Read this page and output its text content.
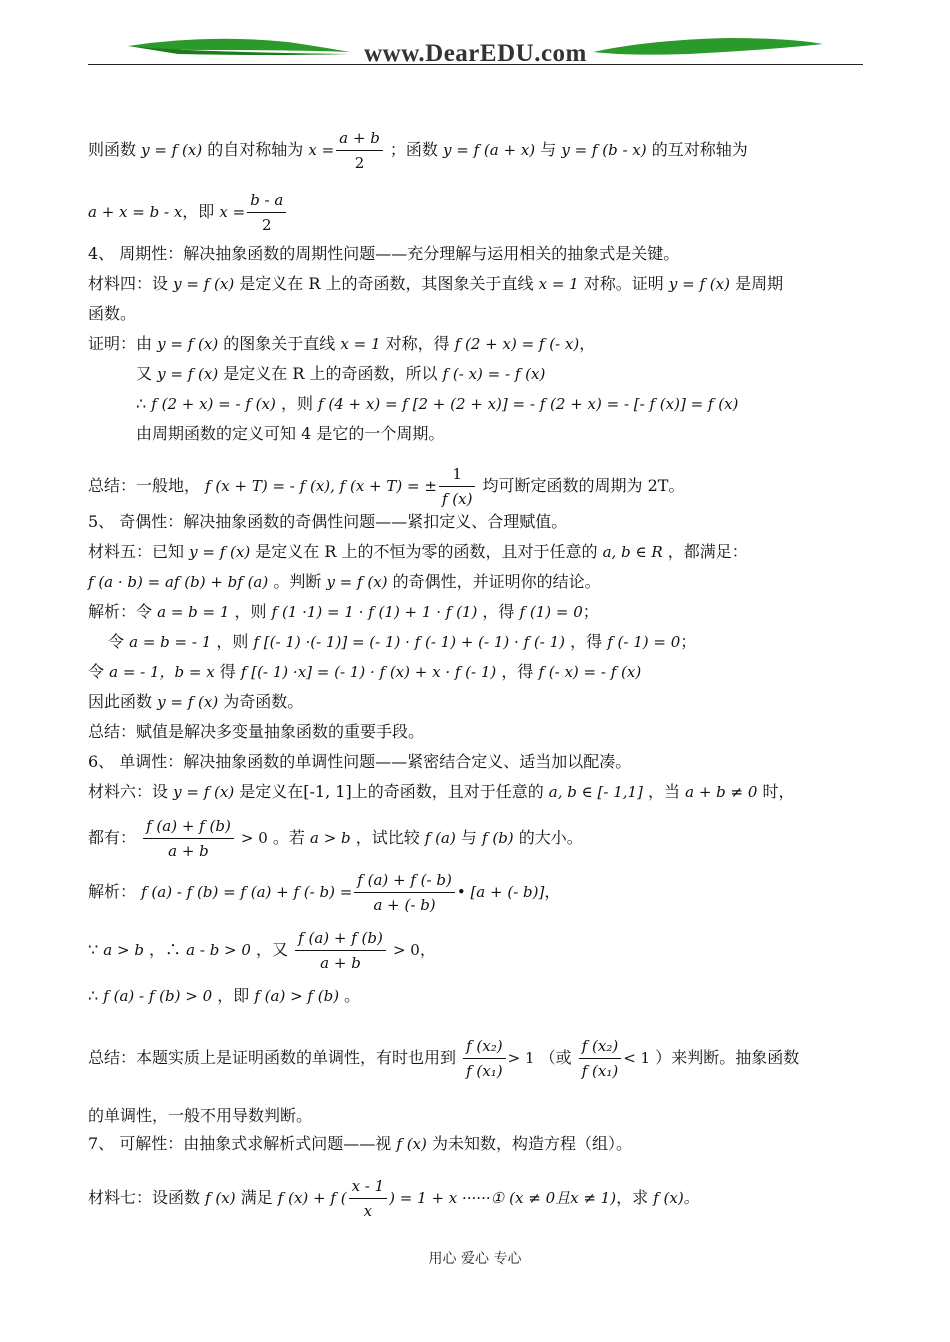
www.DearEDU.com
则函数 y = f (x) 的自对称轴为 $x = \frac{a + b}{2}$ ；函数 y = f (a + x) 与 y = f (b - x) 的互对称轴为
a + x = b - x，即 $x = \frac{b - a}{2}$
4、 周期性：解决抽象函数的周期性问题——充分理解与运用相关的抽象式是关键。
材料四：设 y = f (x) 是定义在 R 上的奇函数，其图象关于直线 x = 1 对称。证明 y = f (x) 是周期
函数。
证明：由 y = f (x) 的图象关于直线 x = 1 对称，得 f (2 + x) = f (- x)，
又 y = f (x) 是定义在 R 上的奇函数，所以 f (- x) = - f (x)
∴ f (2 + x) = - f (x) ，则 f (4 + x) = f [2 + (2 + x)] = - f (2 + x) = - [- f (x)] = f (x)
由周期函数的定义可知 4 是它的一个周期。
总结：一般地， f (x + T) = - f (x), f (x + T) = ± $\frac{1}{f (x)}$ 均可断定函数的周期为 2T。
5、 奇偶性：解决抽象函数的奇偶性问题——紧扣定义、合理赋值。
材料五：已知 y = f (x) 是定义在 R 上的不恒为零的函数，且对于任意的 a, b ∈ R ，都满足：
f (a · b) = af (b) + bf (a) 。判断 y = f (x) 的奇偶性，并证明你的结论。
解析：令 a = b = 1 ，则 f (1 ·1) = 1 · f (1) + 1 · f (1) ，得 f (1) = 0；
令 a = b = - 1 ，则 f [(- 1) ·(- 1)] = (- 1) · f (- 1) + (- 1) · f (- 1) ，得 f (- 1) = 0；
令 a = - 1，b = x 得 f [(- 1) ·x] = (- 1) · f (x) + x · f (- 1) ，得 f (- x) = - f (x)
因此函数 y = f (x) 为奇函数。
总结：赋值是解决多变量抽象函数的重要手段。
6、 单调性：解决抽象函数的单调性问题——紧密结合定义、适当加以配凑。
材料六：设 y = f (x) 是定义在[-1, 1]上的奇函数，且对于任意的 a, b ∈ [- 1,1] ，当 a + b ≠ 0 时，
都有： $\frac{f (a) + f (b)}{a + b} > 0$ 。若 a > b ，试比较 f (a) 与 f (b) 的大小。
解析： f (a) - f (b) = f (a) + f (- $b) = \frac{f (a) + f (- b)}{a + (- b)}$ • [a + (- b)]，
∵ a > b ，∴ a - b > 0 ，又 $\frac{f (a) + f (b)}{a + b} > 0$，
∴ f (a) - f (b) > 0 ，即 f (a) > f (b) 。
总结：本题实质上是证明函数的单调性，有时也用到 $\frac{\text{f (x₂)}}{\text{f (x₁)}} > 1$ （或 $\frac{\text{f (x₂)}}{\text{f (x₁)}} < 1$ ）来判断。抽象函数
的单调性，一般不用导数判断。
7、 可解性：由抽象式求解析式问题——视 f (x) 为未知数，构造方程（组）。
材料七：设函数 f (x) 满足 f (x) + f ( $\frac{x - 1}{x}$ ) = 1 + x ······① (x ≠ 0且x ≠ 1)，求 f (x)。
用心 爱心 专心
